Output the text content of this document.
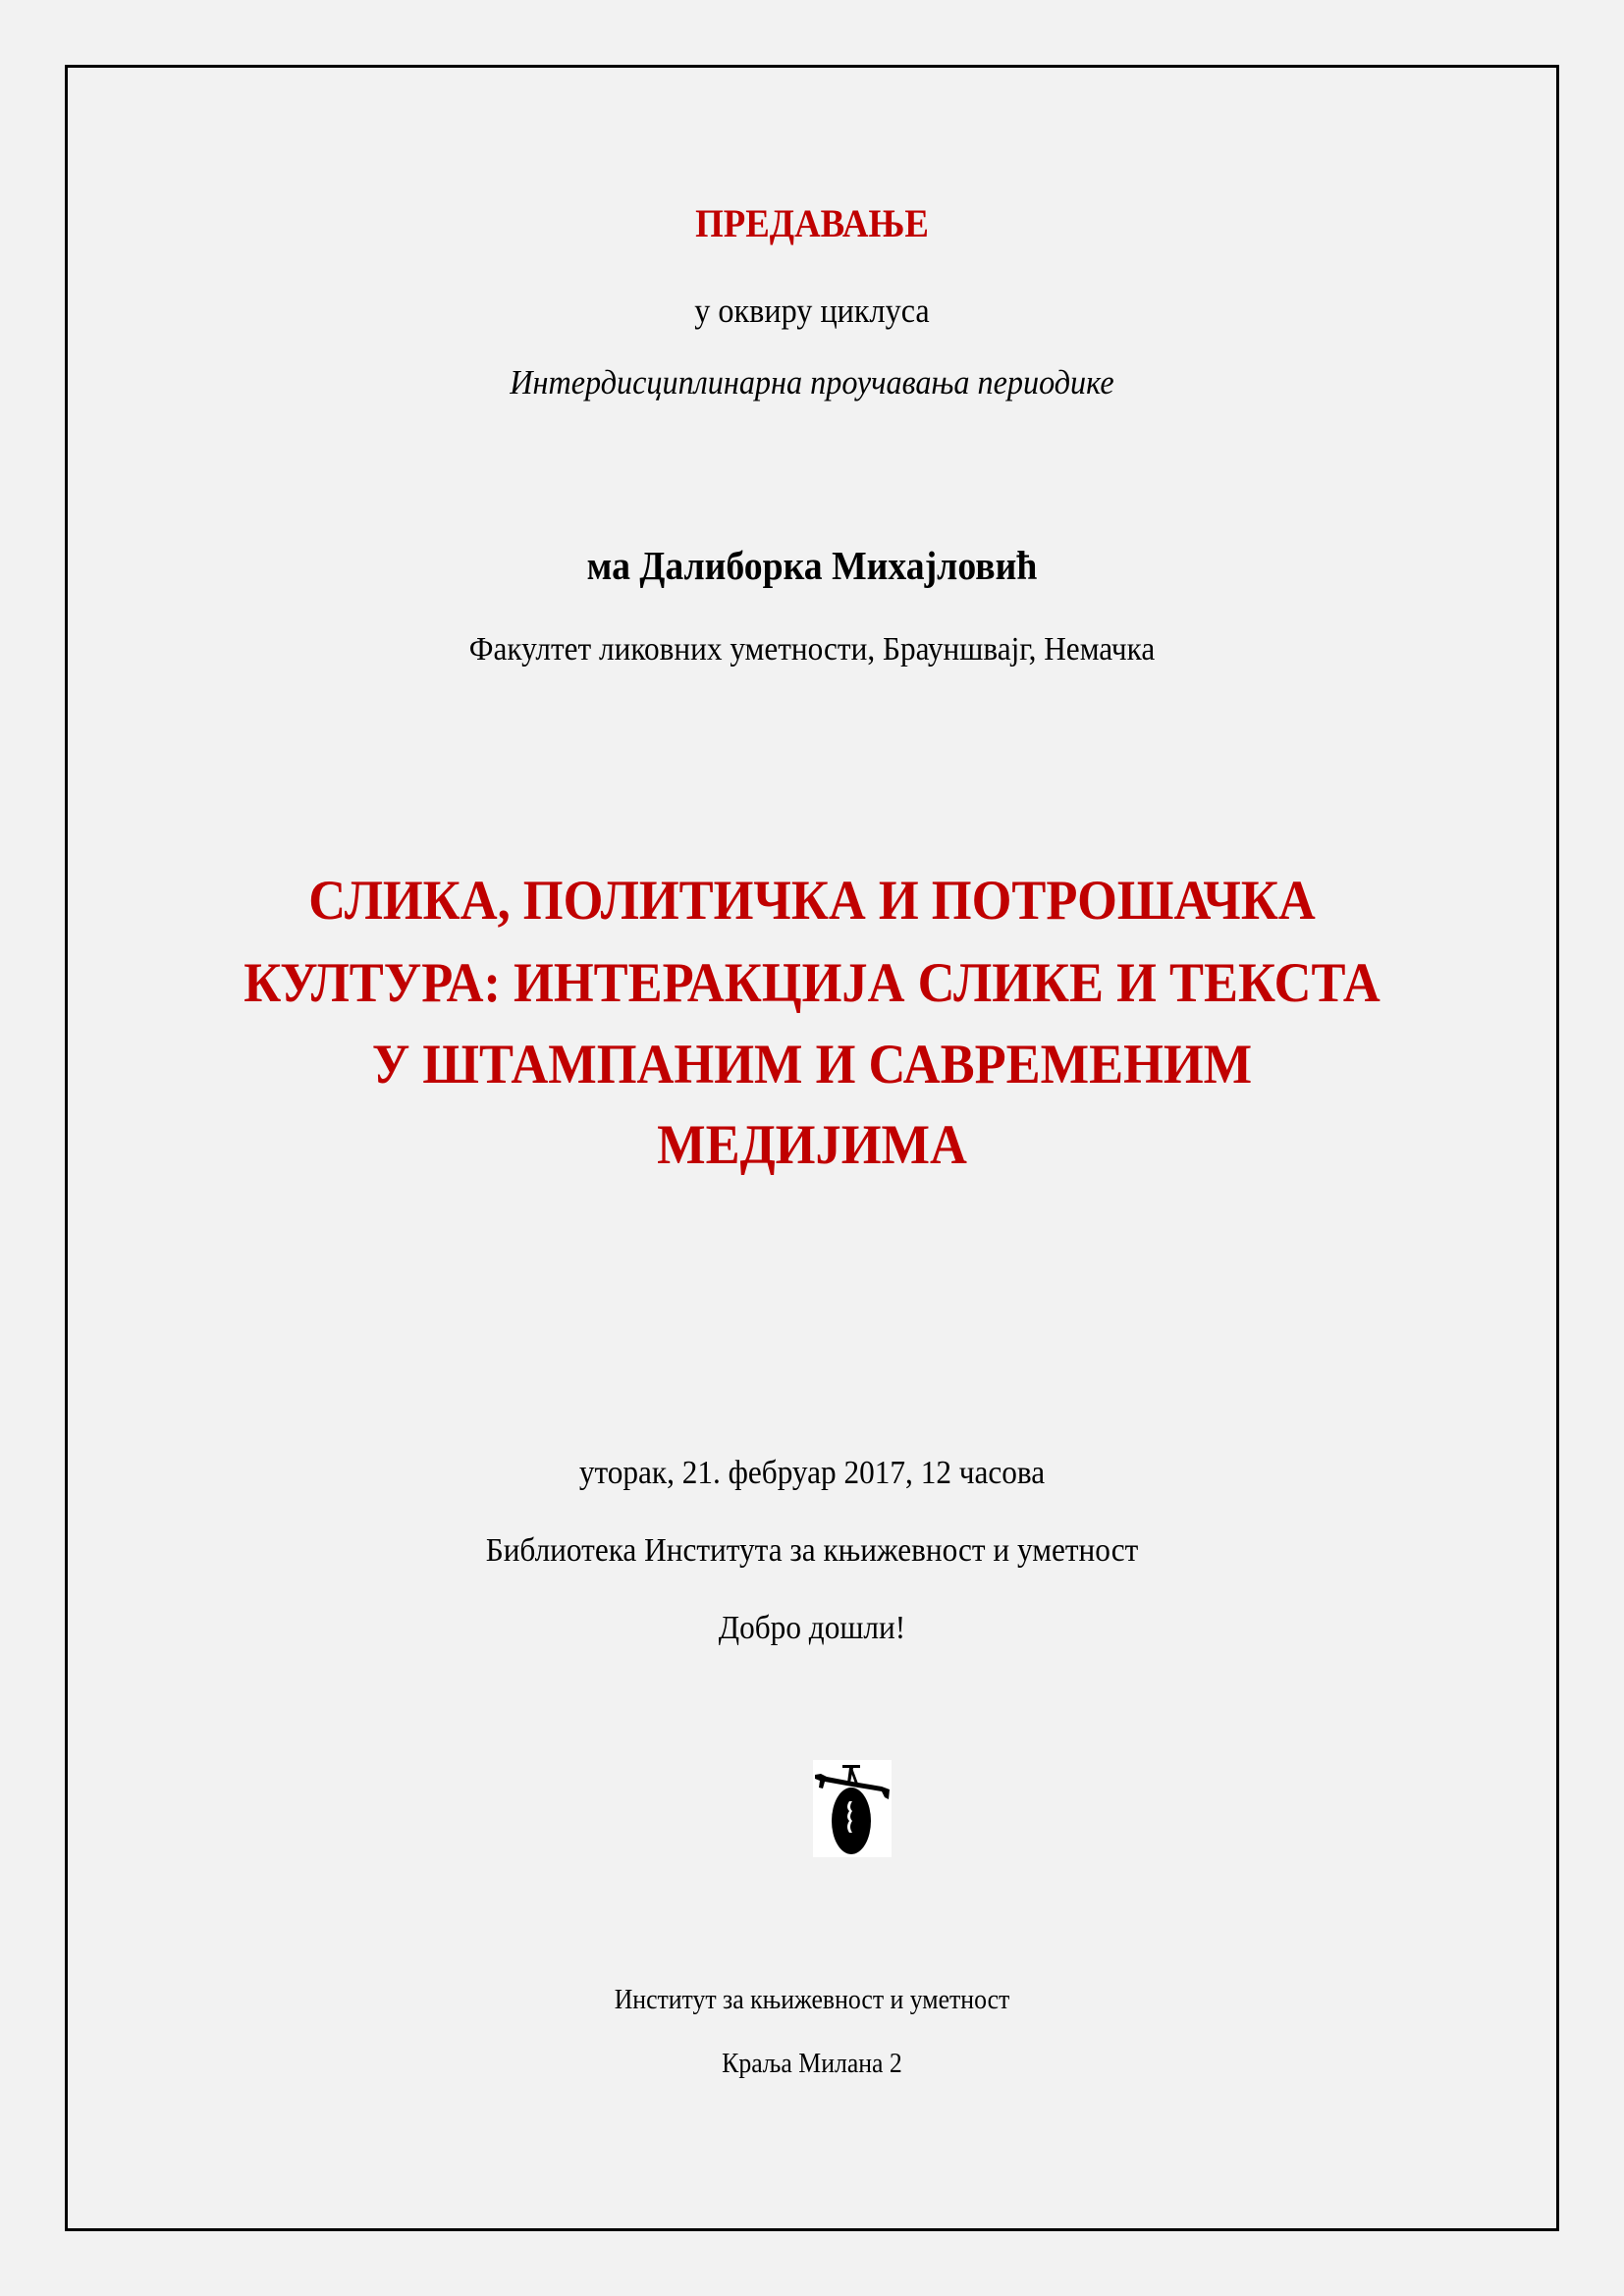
ПРЕДАВАЊЕ
у оквиру циклуса
Интердисциплинарна проучавања периодике
ма Далиборка Михајловић
Факултет ликовних уметности, Брауншвајг, Немачка
СЛИКА, ПОЛИТИЧКА И ПОТРОШАЧКА
КУЛТУРА: ИНТЕРАКЦИЈА СЛИКЕ И ТЕКСТА
У ШТАМПАНИМ И САВРЕМЕНИМ
МЕДИЈИМА
уторак, 21. фебруар 2017, 12 часова
Библиотека Института за књижевност и уметност
Добро дошли!
Институт за књижевност и уметност
Краља Милана 2
